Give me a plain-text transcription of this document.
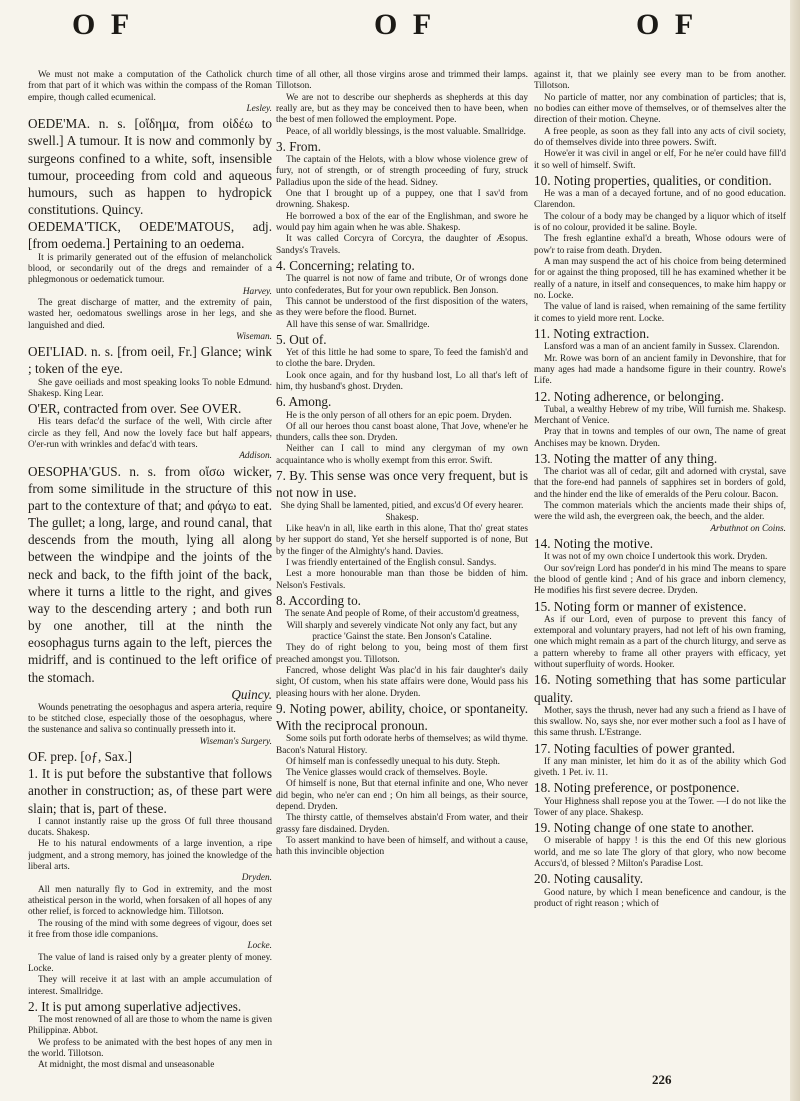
O F	O F	O F

We must not make a computation of the Catholick church from that part of it which was within the compass of the Roman empire, though called ecumenical.

Lesley.

OEDE'MA. n. s. [οἴδημα, from οἰδέω to swell.] A tumour. It is now and commonly by surgeons confined to a white, soft, insensible tumour, proceeding from cold and aqueous humours, such as happen to hydropick constitutions. Quincy.

OEDEMA'TICK, OEDE'MATOUS, adj. [from oedema.] Pertaining to an oedema.

It is primarily generated out of the effusion of melancholick blood, or secondarily out of the dregs and remainder of a phlegmonous or oedematick tumour.

Harvey.

The great discharge of matter, and the extremity of pain, wasted her, oedomatous swellings arose in her legs, and she languished and died.

Wiseman.

OEI'LIAD. n. s. [from oeil, Fr.] Glance; wink ; token of the eye.

She gave oeiliads and most speaking looks To noble Edmund. Shakesp. King Lear.

O'ER, contracted from over. See OVER.

His tears defac'd the surface of the well, With circle after circle as they fell, And now the lovely face but half appears, O'er-run with wrinkles and defac'd with tears.

Addison.

OESOPHA'GUS. n. s. from οἴσω wicker, from some similitude in the structure of this part to the contexture of that; and φάγω to eat. The gullet; a long, large, and round canal, that descends from the mouth, lying all along between the windpipe and the joints of the neck and back, to the fifth joint of the back, where it turns a little to the right, and gives way to the descending artery ; and both run by one another, till at the ninth the eosophagus turns again to the left, pierces the midriff, and is continued to the left orifice of the stomach.

Quincy.

Wounds penetrating the oesophagus and aspera arteria, require to be stitched close, especially those of the oesophagus, where the sustenance and saliva so continually presseth into it.

Wiseman's Surgery.

OF. prep. [oƒ, Sax.]

1. It is put before the substantive that follows another in construction; as, of these part were slain; that is, part of these.

I cannot instantly raise up the gross Of full three thousand ducats. Shakesp.

He to his natural endowments of a large invention, a ripe judgment, and a strong memory, has joined the knowledge of the liberal arts.

Dryden.

All men naturally fly to God in extremity, and the most atheistical person in the world, when forsaken of all hopes of any other relief, is forced to acknowledge him. Tillotson.

The rousing of the mind with some degrees of vigour, does set it free from those idle companions.

Locke.

The value of land is raised only by a greater plenty of money. Locke.

They will receive it at last with an ample accumulation of interest. Smallridge.

2. It is put among superlative adjectives.

The most renowned of all are those to whom the name is given Philippinæ. Abbot.

We profess to be animated with the best hopes of any men in the world. Tillotson.

At midnight, the most dismal and unseasonable

time of all other, all those virgins arose and trimmed their lamps. Tillotson.

We are not to describe our shepherds as shepherds at this day really are, but as they may be conceived then to have been, when the best of men followed the employment. Pope.

Peace, of all worldly blessings, is the most valuable. Smallridge.

3. From.

The captain of the Helots, with a blow whose violence grew of fury, not of strength, or of strength proceeding of fury, struck Palladius upon the side of the head. Sidney.

One that I brought up of a puppey, one that I sav'd from drowning. Shakesp.

He borrowed a box of the ear of the Englishman, and swore he would pay him again when he was able. Shakesp.

It was called Corcyra of Corcyra, the daughter of Æsopus. Sandys's Travels.

4. Concerning; relating to.

The quarrel is not now of fame and tribute, Or of wrongs done unto confederates, But for your own republick. Ben Jonson.

This cannot be understood of the first disposition of the waters, as they were before the flood. Burnet.

All have this sense of war. Smallridge.

5. Out of.

Yet of this little he had some to spare, To feed the famish'd and to clothe the bare. Dryden.

Look once again, and for thy husband lost, Lo all that's left of him, thy husband's ghost. Dryden.

6. Among.

He is the only person of all others for an epic poem. Dryden.

Of all our heroes thou canst boast alone, That Jove, whene'er he thunders, calls thee son. Dryden.

Neither can I call to mind any clergyman of my own acquaintance who is wholly exempt from this error. Swift.

7. By. This sense was once very frequent, but is not now in use.

She dying Shall be lamented, pitied, and excus'd Of every hearer. Shakesp.

Like heav'n in all, like earth in this alone, That tho' great states by her support do stand, Yet she herself supported is of none, But by the finger of the Almighty's hand. Davies.

I was friendly entertained of the English consul. Sandys.

Lest a more honourable man than those be bidden of him. Nelson's Festivals.

8. According to.

The senate And people of Rome, of their accustom'd greatness, Will sharply and severely vindicate Not only any fact, but any practice 'Gainst the state. Ben Jonson's Cataline.

They do of right belong to you, being most of them first preached amongst you. Tillotson.

Fancred, whose delight Was plac'd in his fair daughter's daily sight, Of custom, when his state affairs were done, Would pass his pleasing hours with her alone. Dryden.

9. Noting power, ability, choice, or spontaneity. With the reciprocal pronoun.

Some soils put forth odorate herbs of themselves; as wild thyme. Bacon's Natural History.

Of himself man is confessedly unequal to his duty. Steph.

The Venice glasses would crack of themselves. Boyle.

Of himself is none, But that eternal infinite and one, Who never did begin, who ne'er can end ; On him all beings, as their source, depend. Dryden.

The thirsty cattle, of themselves abstain'd From water, and their grassy fare disdained. Dryden.

To assert mankind to have been of himself, and without a cause, hath this invincible objection

against it, that we plainly see every man to be from another. Tillotson.

No particle of matter, nor any combination of particles; that is, no bodies can either move of themselves, or of themselves alter the direction of their motion. Cheyne.

A free people, as soon as they fall into any acts of civil society, do of themselves divide into three powers. Swift.

Howe'er it was civil in angel or elf, For he ne'er could have fill'd it so well of himself. Swift.

10. Noting properties, qualities, or condition.

He was a man of a decayed fortune, and of no good education. Clarendon.

The colour of a body may be changed by a liquor which of itself is of no colour, provided it be saline. Boyle.

The fresh eglantine exhal'd a breath, Whose odours were of pow'r to raise from death. Dryden.

A man may suspend the act of his choice from being determined for or against the thing proposed, till he has examined whether it be really of a nature, in itself and consequences, to make him happy or no. Locke.

The value of land is raised, when remaining of the same fertility it comes to yield more rent. Locke.

11. Noting extraction.

Lansford was a man of an ancient family in Sussex. Clarendon.

Mr. Rowe was born of an ancient family in Devonshire, that for many ages had made a handsome figure in their country. Rowe's Life.

12. Noting adherence, or belonging.

Tubal, a wealthy Hebrew of my tribe, Will furnish me. Shakesp. Merchant of Venice.

Pray that in towns and temples of our own, The name of great Anchises may be known. Dryden.

13. Noting the matter of any thing.

The chariot was all of cedar, gilt and adorned with crystal, save that the fore-end had pannels of sapphires set in borders of gold, and the hinder end the like of emeralds of the Peru colour. Bacon.

The common materials which the ancients made their ships of, were the wild ash, the evergreen oak, the beech, and the alder.

Arbuthnot on Coins.

14. Noting the motive.

It was not of my own choice I undertook this work. Dryden.

Our sov'reign Lord has ponder'd in his mind The means to spare the blood of gentle kind ; And of his grace and inborn clemency, He modifies his first severe decree. Dryden.

15. Noting form or manner of existence.

As if our Lord, even of purpose to prevent this fancy of extemporal and voluntary prayers, had not left of his own framing, one which might remain as a part of the church liturgy, and serve as a pattern whereby to frame all other prayers with efficacy, yet without superfluity of words. Hooker.

16. Noting something that has some particular quality.

Mother, says the thrush, never had any such a friend as I have of this swallow. No, says she, nor ever mother such a fool as I have of this same thrush. L'Estrange.

17. Noting faculties of power granted.

If any man minister, let him do it as of the ability which God giveth. 1 Pet. iv. 11.

18. Noting preference, or postponence.

Your Highness shall repose you at the Tower. —I do not like the Tower of any place. Shakesp.

19. Noting change of one state to another.

O miserable of happy ! is this the end Of this new glorious world, and me so late The glory of that glory, who now become Accurs'd, of blessed ? Milton's Paradise Lost.

20. Noting causality.

Good nature, by which I mean beneficence and candour, is the product of right reason ; which of

226
